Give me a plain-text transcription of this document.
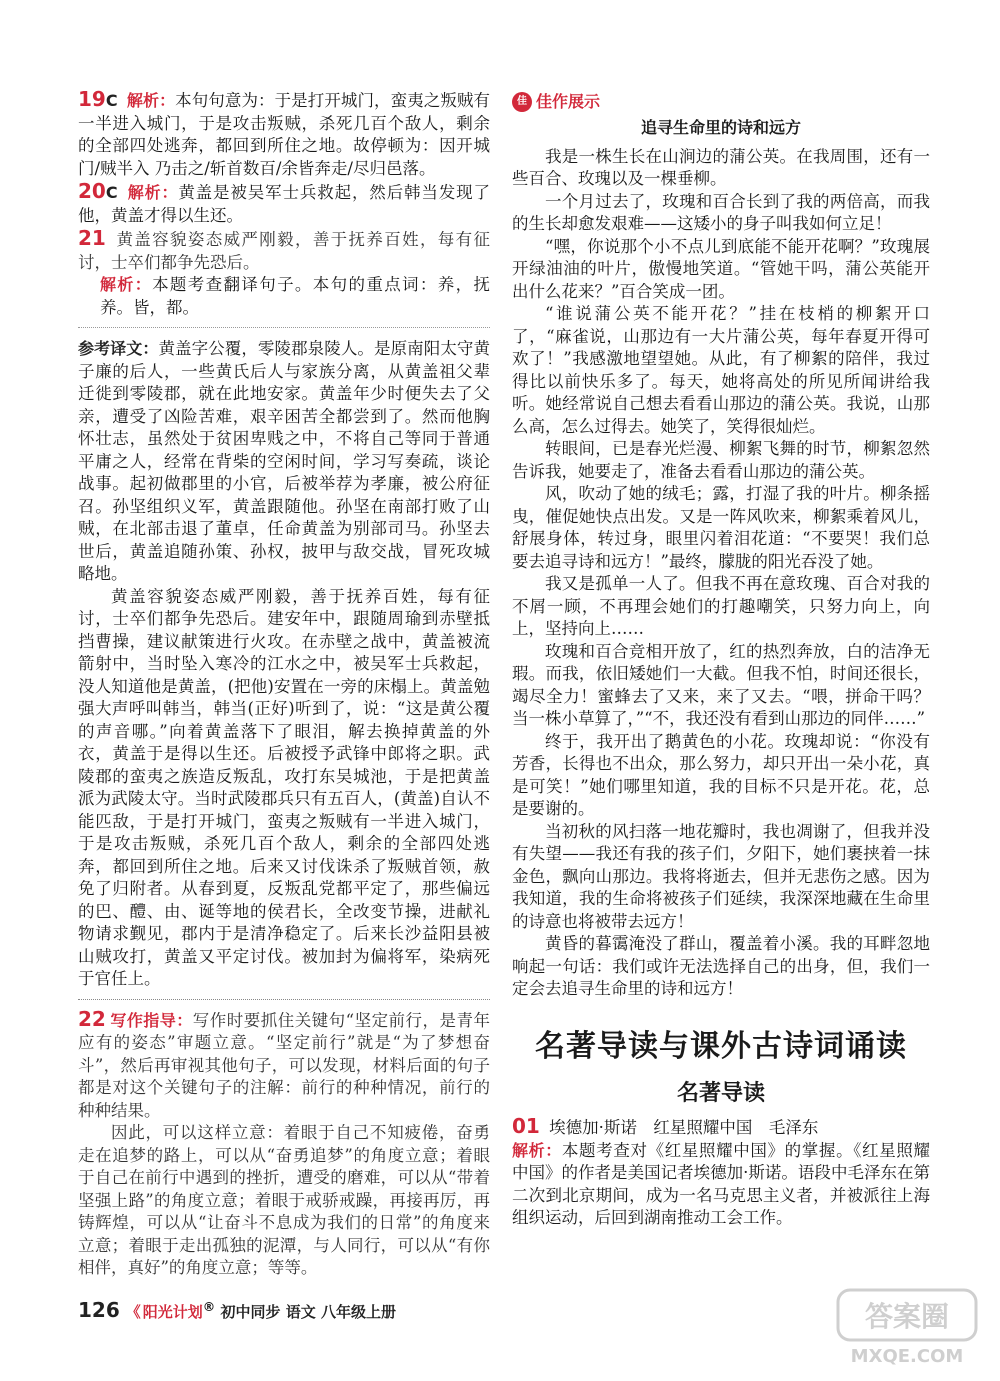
19C 解析：本句句意为：于是打开城门，蛮夷之叛贼有一半进入城门，于是攻击叛贼，杀死几百个敌人，剩余的全部四处逃奔，都回到所住之地。故停顿为：因开城门/贼半入 乃击之/斩首数百/余皆奔走/尽归邑落。
20C 解析：黄盖是被吴军士兵救起，然后韩当发现了他，黄盖才得以生还。
21 黄盖容貌姿态威严刚毅，善于抚养百姓，每有征讨，士卒们都争先恐后。
解析：本题考查翻译句子。本句的重点词：养，抚养。皆，都。
参考译文：黄盖字公覆，零陵郡泉陵人。是原南阳太守黄子廉的后人，一些黄氏后人与家族分离，从黄盖祖父辈迁徙到零陵郡，就在此地安家。黄盖年少时便失去了父亲，遭受了凶险苦难，艰辛困苦全都尝到了。然而他胸怀壮志，虽然处于贫困卑贱之中，不将自己等同于普通平庸之人，经常在背柴的空闲时间，学习写奏疏，谈论战事。起初做郡里的小官，后被举荐为孝廉，被公府征召。孙坚组织义军，黄盖跟随他。孙坚在南部打败了山贼，在北部击退了董卓，任命黄盖为别部司马。孙坚去世后，黄盖追随孙策、孙权，披甲与敌交战，冒死攻城略地。

黄盖容貌姿态威严刚毅，善于抚养百姓，每有征讨，士卒们都争先恐后。建安年中，跟随周瑜到赤壁抵挡曹操，建议献策进行火攻。在赤壁之战中，黄盖被流箭射中，当时坠入寒冷的江水之中，被吴军士兵救起，没人知道他是黄盖，(把他)安置在一旁的床榻上。黄盖勉强大声呼叫韩当，韩当(正好)听到了，说：“这是黄公覆的声音哪。”向着黄盖落下了眼泪，解去换掉黄盖的外衣，黄盖于是得以生还。后被授予武锋中郎将之职。武陵郡的蛮夷之族造反叛乱，攻打东吴城池，于是把黄盖派为武陵太守。当时武陵郡兵只有五百人，(黄盖)自认不能匹敌，于是打开城门，蛮夷之叛贼有一半进入城门，于是攻击叛贼，杀死几百个敌人，剩余的全部四处逃奔，都回到所住之地。后来又讨伐诛杀了叛贼首领，赦免了归附者。从春到夏，反叛乱党都平定了，那些偏远的巴、醴、由、诞等地的侯君长，全改变节操，进献礼物请求觐见，郡内于是清净稳定了。后来长沙益阳县被山贼攻打，黄盖又平定讨伐。被加封为偏将军，染病死于官任上。

22 写作指导：写作时要抓住关键句“坚定前行，是青年应有的姿态”审题立意。“坚定前行”就是“为了梦想奋斗”，然后再审视其他句子，可以发现，材料后面的句子都是对这个关键句子的注解：前行的种种情况，前行的种种结果。

因此，可以这样立意：着眼于自己不知疲倦，奋勇走在追梦的路上，可以从“奋勇追梦”的角度立意；着眼于自己在前行中遇到的挫折，遭受的磨难，可以从“带着坚强上路”的角度立意；着眼于戒骄戒躁，再接再厉，再铸辉煌，可以从“让奋斗不息成为我们的日常”的角度来立意；着眼于走出孤独的泥潭，与人同行，可以从“有你相伴，真好”的角度立意；等等。

佳 佳作展示
追寻生命里的诗和远方

我是一株生长在山涧边的蒲公英。在我周围，还有一些百合、玫瑰以及一棵垂柳。

一个月过去了，玫瑰和百合长到了我的两倍高，而我的生长却愈发艰难——这矮小的身子叫我如何立足！

“嘿，你说那个小不点儿到底能不能开花啊？”玫瑰展开绿油油的叶片，傲慢地笑道。“管她干吗，蒲公英能开出什么花来？”百合笑成一团。

“谁说蒲公英不能开花？”挂在枝梢的柳絮开口了，“麻雀说，山那边有一大片蒲公英，每年春夏开得可欢了！”我感激地望望她。从此，有了柳絮的陪伴，我过得比以前快乐多了。每天，她将高处的所见所闻讲给我听。她经常说自己想去看看山那边的蒲公英。我说，山那么高，怎么过得去。她笑了，笑得很灿烂。

转眼间，已是春光烂漫、柳絮飞舞的时节，柳絮忽然告诉我，她要走了，准备去看看山那边的蒲公英。

风，吹动了她的绒毛；露，打湿了我的叶片。柳条摇曳，催促她快点出发。又是一阵风吹来，柳絮乘着风儿，舒展身体，转过身，眼里闪着泪花道：“不要哭！我们总要去追寻诗和远方！”最终，朦胧的阳光吞没了她。

我又是孤单一人了。但我不再在意玫瑰、百合对我的不屑一顾，不再理会她们的打趣嘲笑，只努力向上，向上，坚持向上……

玫瑰和百合竞相开放了，红的热烈奔放，白的洁净无瑕。而我，依旧矮她们一大截。但我不怕，时间还很长，竭尽全力！蜜蜂去了又来，来了又去。“喂，拼命干吗？当一株小草算了，”“不，我还没有看到山那边的同伴……”

终于，我开出了鹅黄色的小花。玫瑰却说：“你没有芳香，长得也不出众，那么努力，却只开出一朵小花，真是可笑！”她们哪里知道，我的目标不只是开花。花，总是要谢的。

当初秋的风扫落一地花瓣时，我也凋谢了，但我并没有失望——我还有我的孩子们，夕阳下，她们裹挟着一抹金色，飘向山那边。我将将逝去，但并无悲伤之感。因为我知道，我的生命将被孩子们延续，我深深地藏在生命里的诗意也将被带去远方！

黄昏的暮霭淹没了群山，覆盖着小溪。我的耳畔忽地响起一句话：我们或许无法选择自己的出身，但，我们一定会去追寻生命里的诗和远方！

名著导读与课外古诗词诵读
名著导读
01 埃德加·斯诺　红星照耀中国　毛泽东
解析：本题考查对《红星照耀中国》的掌握。《红星照耀中国》的作者是美国记者埃德加·斯诺。语段中毛泽东在第二次到北京期间，成为一名马克思主义者，并被派往上海组织运动，后回到湖南推动工会工作。
126 《 阳光计划® 初中同步 语文 八年级上册	答案圈
MXQE.COM
